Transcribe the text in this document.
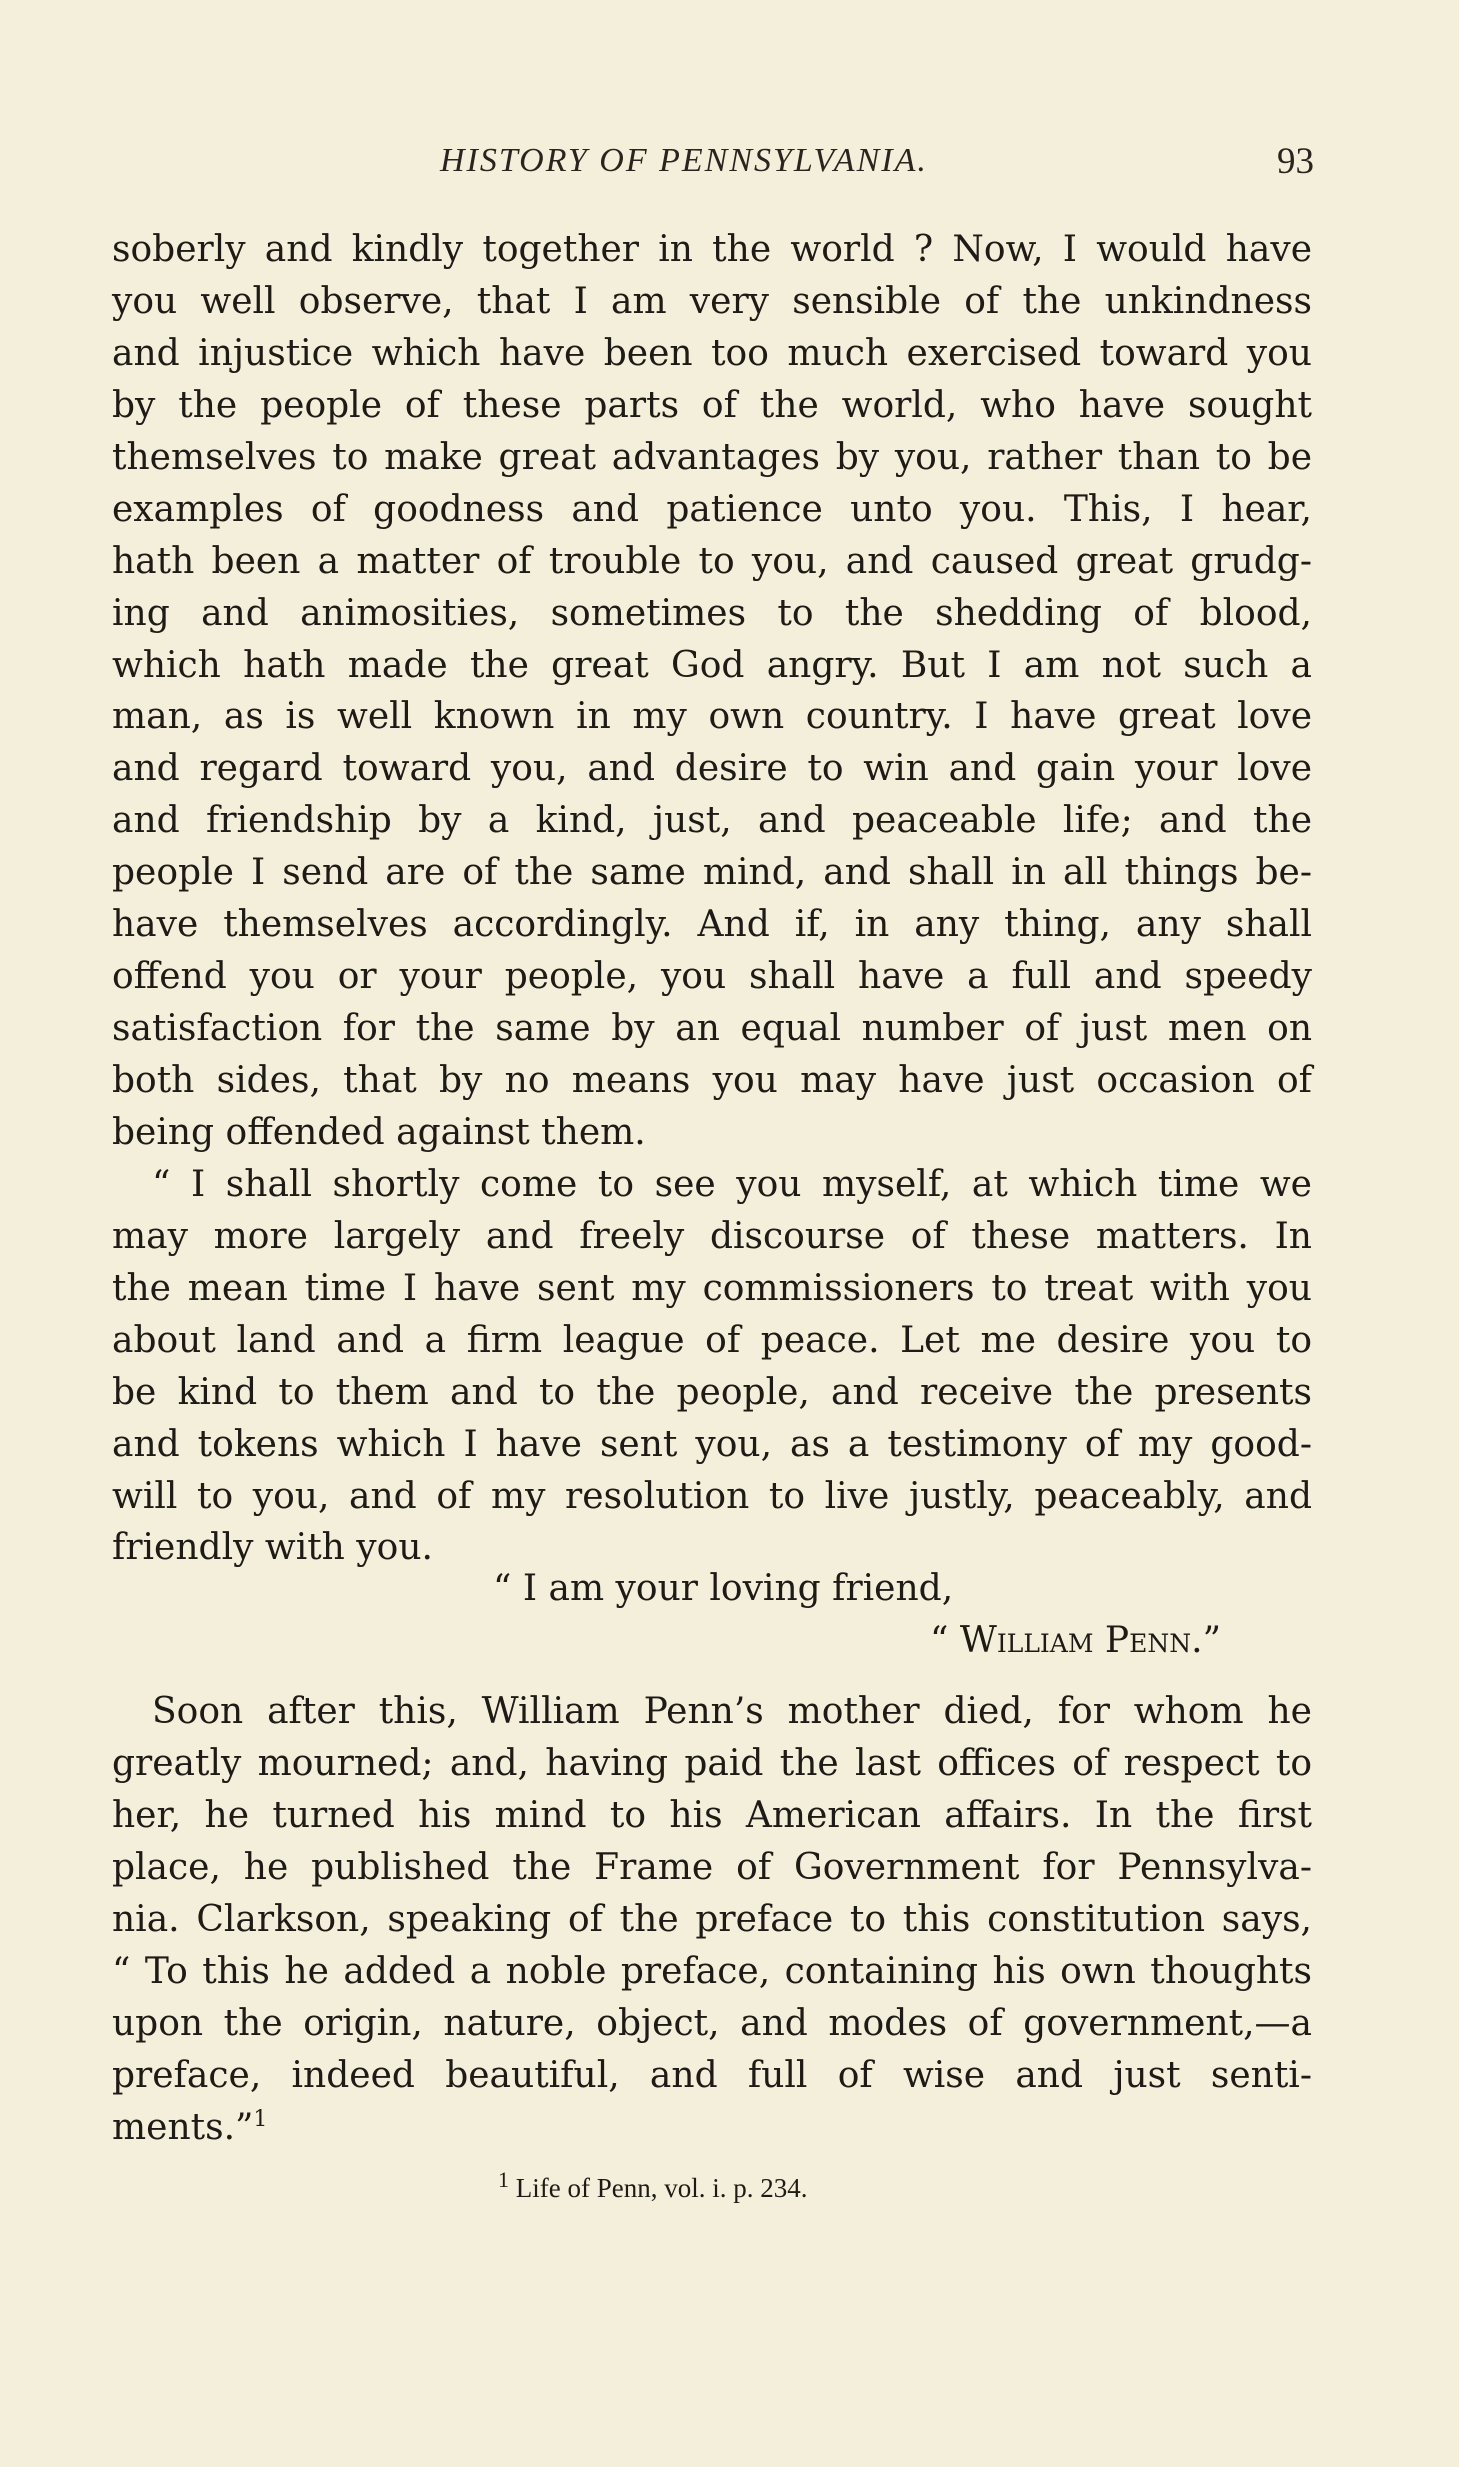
HISTORY OF PENNSYLVANIA.	93
soberly and kindly together in the world ? Now, I would have
you well observe, that I am very sensible of the unkindness
and injustice which have been too much exercised toward you
by the people of these parts of the world, who have sought
themselves to make great advantages by you, rather than to be
examples of goodness and patience unto you. This, I hear,
hath been a matter of trouble to you, and caused great grudg-
ing and animosities, sometimes to the shedding of blood,
which hath made the great God angry. But I am not such a
man, as is well known in my own country. I have great love
and regard toward you, and desire to win and gain your love
and friendship by a kind, just, and peaceable life; and the
people I send are of the same mind, and shall in all things be-
have themselves accordingly. And if, in any thing, any shall
offend you or your people, you shall have a full and speedy
satisfaction for the same by an equal number of just men on
both sides, that by no means you may have just occasion of
being offended against them.
“ I shall shortly come to see you myself, at which time we
may more largely and freely discourse of these matters. In
the mean time I have sent my commissioners to treat with you
about land and a firm league of peace. Let me desire you to
be kind to them and to the people, and receive the presents
and tokens which I have sent you, as a testimony of my good-
will to you, and of my resolution to live justly, peaceably, and
friendly with you.
“ I am your loving friend,
“ William Penn.”
Soon after this, William Penn’s mother died, for whom he
greatly mourned; and, having paid the last offices of respect to
her, he turned his mind to his American affairs. In the first
place, he published the Frame of Government for Pennsylva-
nia. Clarkson, speaking of the preface to this constitution says,
“ To this he added a noble preface, containing his own thoughts
upon the origin, nature, object, and modes of government,—a
preface, indeed beautiful, and full of wise and just senti-
ments.”$^1$
$^1$ Life of Penn, vol. i. p. 234.
